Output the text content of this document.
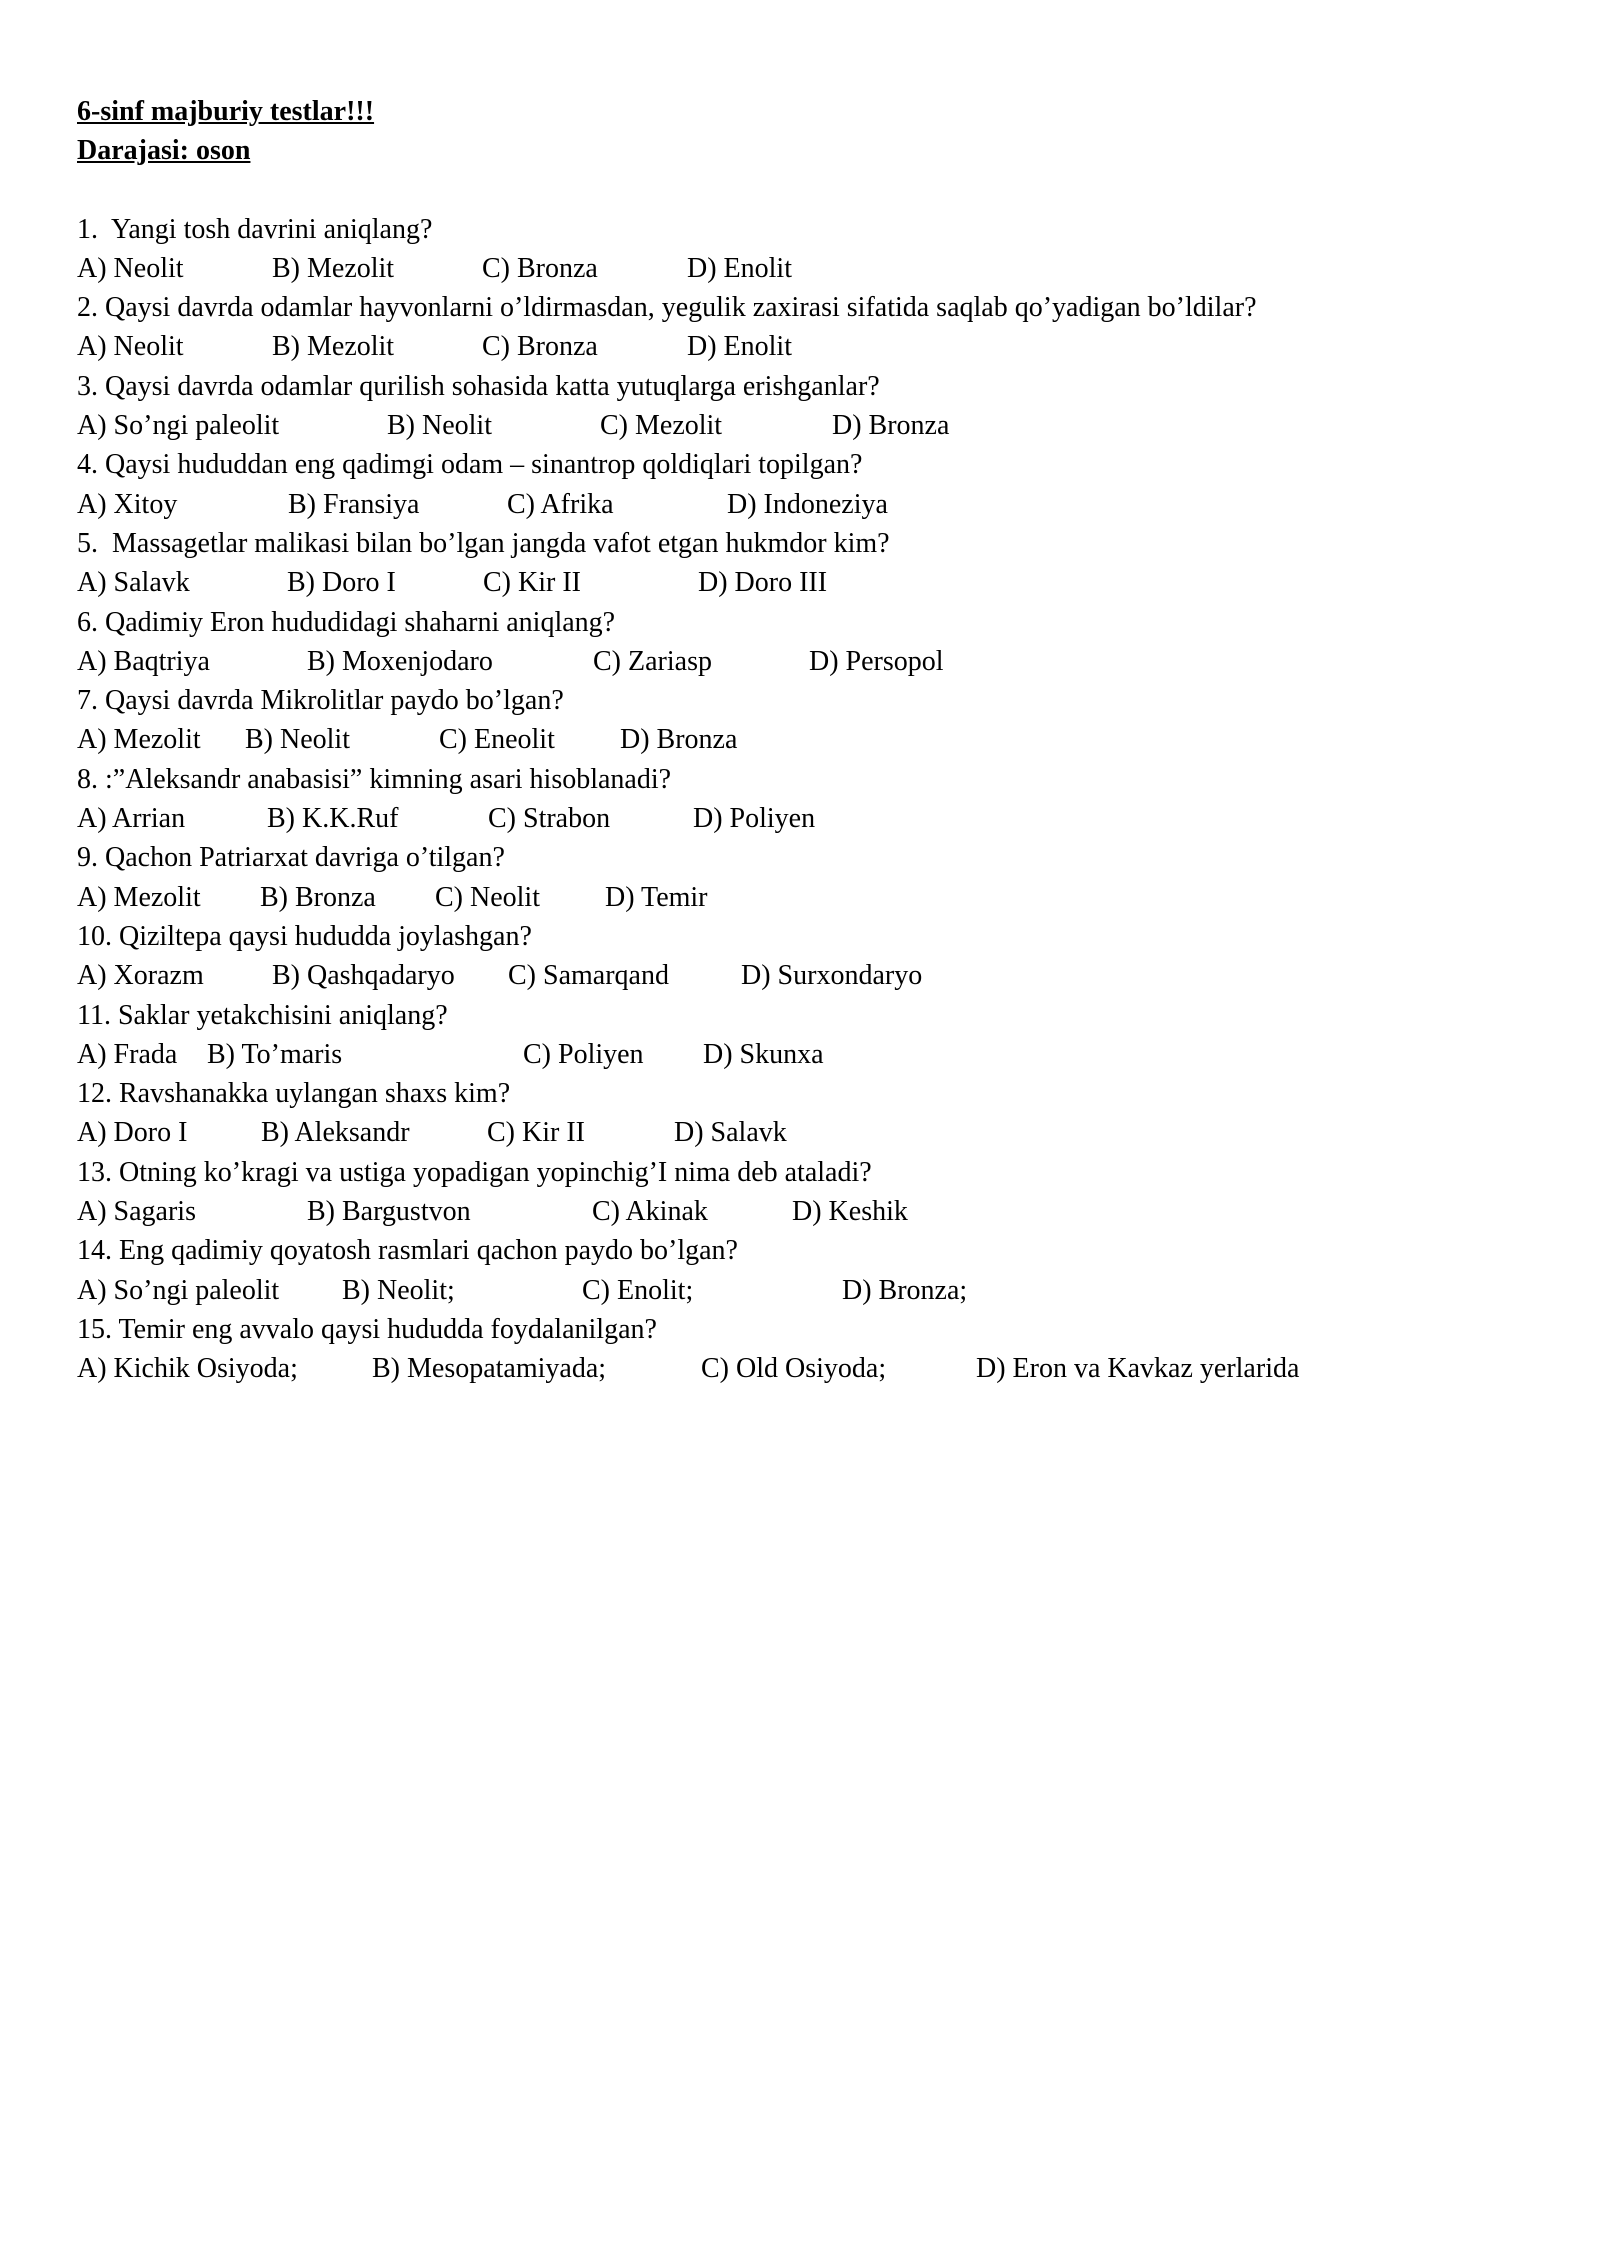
6-sinf majburiy testlar!!!
Darajasi: oson
1.  Yangi tosh davrini aniqlang?
A) Neolit	B) Mezolit	C) Bronza	D) Enolit
2. Qaysi davrda odamlar hayvonlarni o’ldirmasdan, yegulik zaxirasi sifatida saqlab qo’yadigan bo’ldilar?
A) Neolit	B) Mezolit	C) Bronza	D) Enolit
3. Qaysi davrda odamlar qurilish sohasida katta yutuqlarga erishganlar?
A) So’ngi paleolit	B) Neolit	C) Mezolit	D) Bronza
4. Qaysi hududdan eng qadimgi odam – sinantrop qoldiqlari topilgan?
A) Xitoy	B) Fransiya	C) Afrika	D) Indoneziya
5.  Massagetlar malikasi bilan bo’lgan jangda vafot etgan hukmdor kim?
A) Salavk	B) Doro I	C) Kir II	D) Doro III
6. Qadimiy Eron hududidagi shaharni aniqlang?
A) Baqtriya	B) Moxenjodaro	C) Zariasp	D) Persopol
7. Qaysi davrda Mikrolitlar paydo bo’lgan?
A) Mezolit B) Neolit	C) Eneolit D) Bronza
8. :”Aleksandr anabasisi” kimning asari hisoblanadi?
A) Arrian	B) K.K.Ruf	C) Strabon	D) Poliyen
9. Qachon Patriarxat davriga o’tilgan?
A) Mezolit B) Bronza C) Neolit D) Temir
10. Qiziltepa qaysi hududda joylashgan?
A) Xorazm B) Qashqadaryo C) Samarqand	D) Surxondaryo
11. Saklar yetakchisini aniqlang?
A) Frada B) To’maris	C) Poliyen D) Skunxa
12. Ravshanakka uylangan shaxs kim?
A) Doro I	B) Aleksandr	C) Kir II	D) Salavk
13. Otning ko’kragi va ustiga yopadigan yopinchig’I nima deb ataladi?
A) Sagaris	B) Bargustvon	C) Akinak	D) Keshik
14. Eng qadimiy qoyatosh rasmlari qachon paydo bo’lgan?
A) So’ngi paleolit B) Neolit;	C) Enolit;	D) Bronza;
15. Temir eng avvalo qaysi hududda foydalanilgan?
A) Kichik Osiyoda;	B) Mesopatamiyada;	C) Old Osiyoda;	D) Eron va Kavkaz yerlarida
